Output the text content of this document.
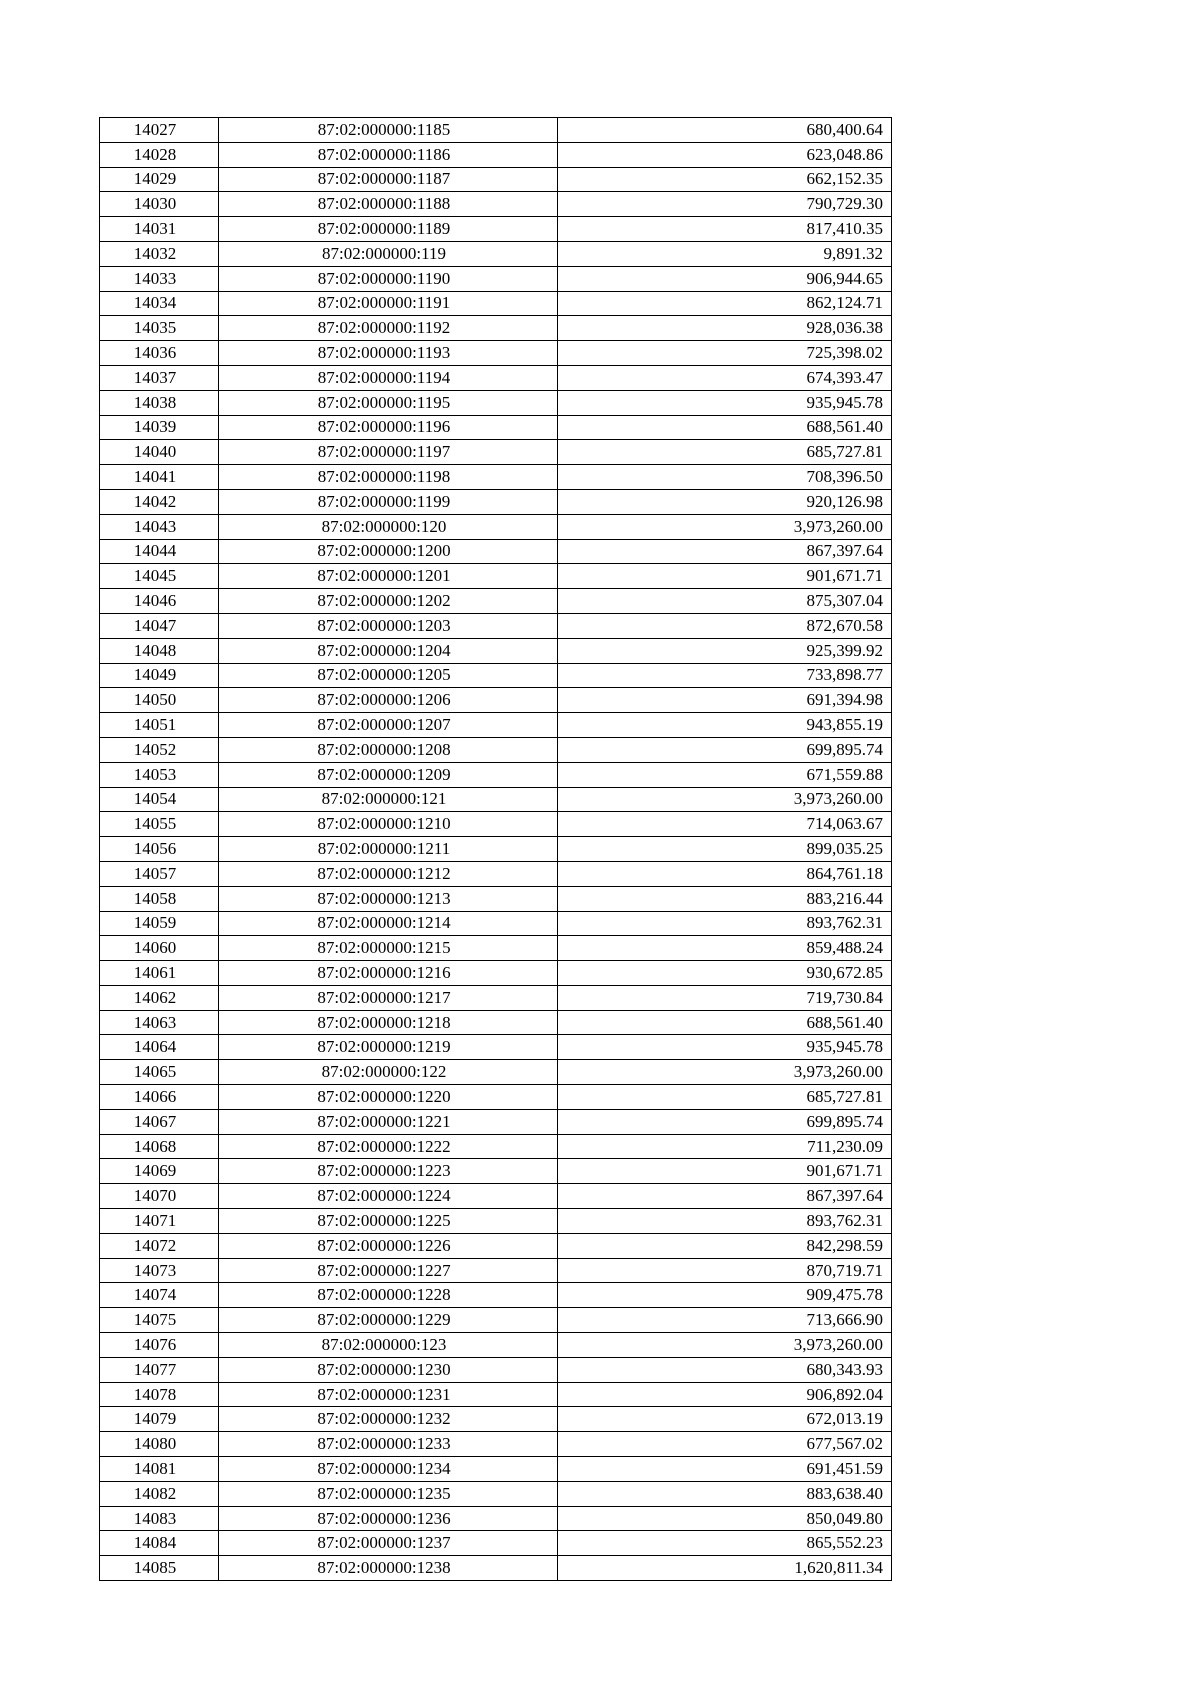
14027	87:02:000000:1185	680,400.64
14028	87:02:000000:1186	623,048.86
14029	87:02:000000:1187	662,152.35
14030	87:02:000000:1188	790,729.30
14031	87:02:000000:1189	817,410.35
14032	87:02:000000:119	9,891.32
14033	87:02:000000:1190	906,944.65
14034	87:02:000000:1191	862,124.71
14035	87:02:000000:1192	928,036.38
14036	87:02:000000:1193	725,398.02
14037	87:02:000000:1194	674,393.47
14038	87:02:000000:1195	935,945.78
14039	87:02:000000:1196	688,561.40
14040	87:02:000000:1197	685,727.81
14041	87:02:000000:1198	708,396.50
14042	87:02:000000:1199	920,126.98
14043	87:02:000000:120	3,973,260.00
14044	87:02:000000:1200	867,397.64
14045	87:02:000000:1201	901,671.71
14046	87:02:000000:1202	875,307.04
14047	87:02:000000:1203	872,670.58
14048	87:02:000000:1204	925,399.92
14049	87:02:000000:1205	733,898.77
14050	87:02:000000:1206	691,394.98
14051	87:02:000000:1207	943,855.19
14052	87:02:000000:1208	699,895.74
14053	87:02:000000:1209	671,559.88
14054	87:02:000000:121	3,973,260.00
14055	87:02:000000:1210	714,063.67
14056	87:02:000000:1211	899,035.25
14057	87:02:000000:1212	864,761.18
14058	87:02:000000:1213	883,216.44
14059	87:02:000000:1214	893,762.31
14060	87:02:000000:1215	859,488.24
14061	87:02:000000:1216	930,672.85
14062	87:02:000000:1217	719,730.84
14063	87:02:000000:1218	688,561.40
14064	87:02:000000:1219	935,945.78
14065	87:02:000000:122	3,973,260.00
14066	87:02:000000:1220	685,727.81
14067	87:02:000000:1221	699,895.74
14068	87:02:000000:1222	711,230.09
14069	87:02:000000:1223	901,671.71
14070	87:02:000000:1224	867,397.64
14071	87:02:000000:1225	893,762.31
14072	87:02:000000:1226	842,298.59
14073	87:02:000000:1227	870,719.71
14074	87:02:000000:1228	909,475.78
14075	87:02:000000:1229	713,666.90
14076	87:02:000000:123	3,973,260.00
14077	87:02:000000:1230	680,343.93
14078	87:02:000000:1231	906,892.04
14079	87:02:000000:1232	672,013.19
14080	87:02:000000:1233	677,567.02
14081	87:02:000000:1234	691,451.59
14082	87:02:000000:1235	883,638.40
14083	87:02:000000:1236	850,049.80
14084	87:02:000000:1237	865,552.23
14085	87:02:000000:1238	1,620,811.34
